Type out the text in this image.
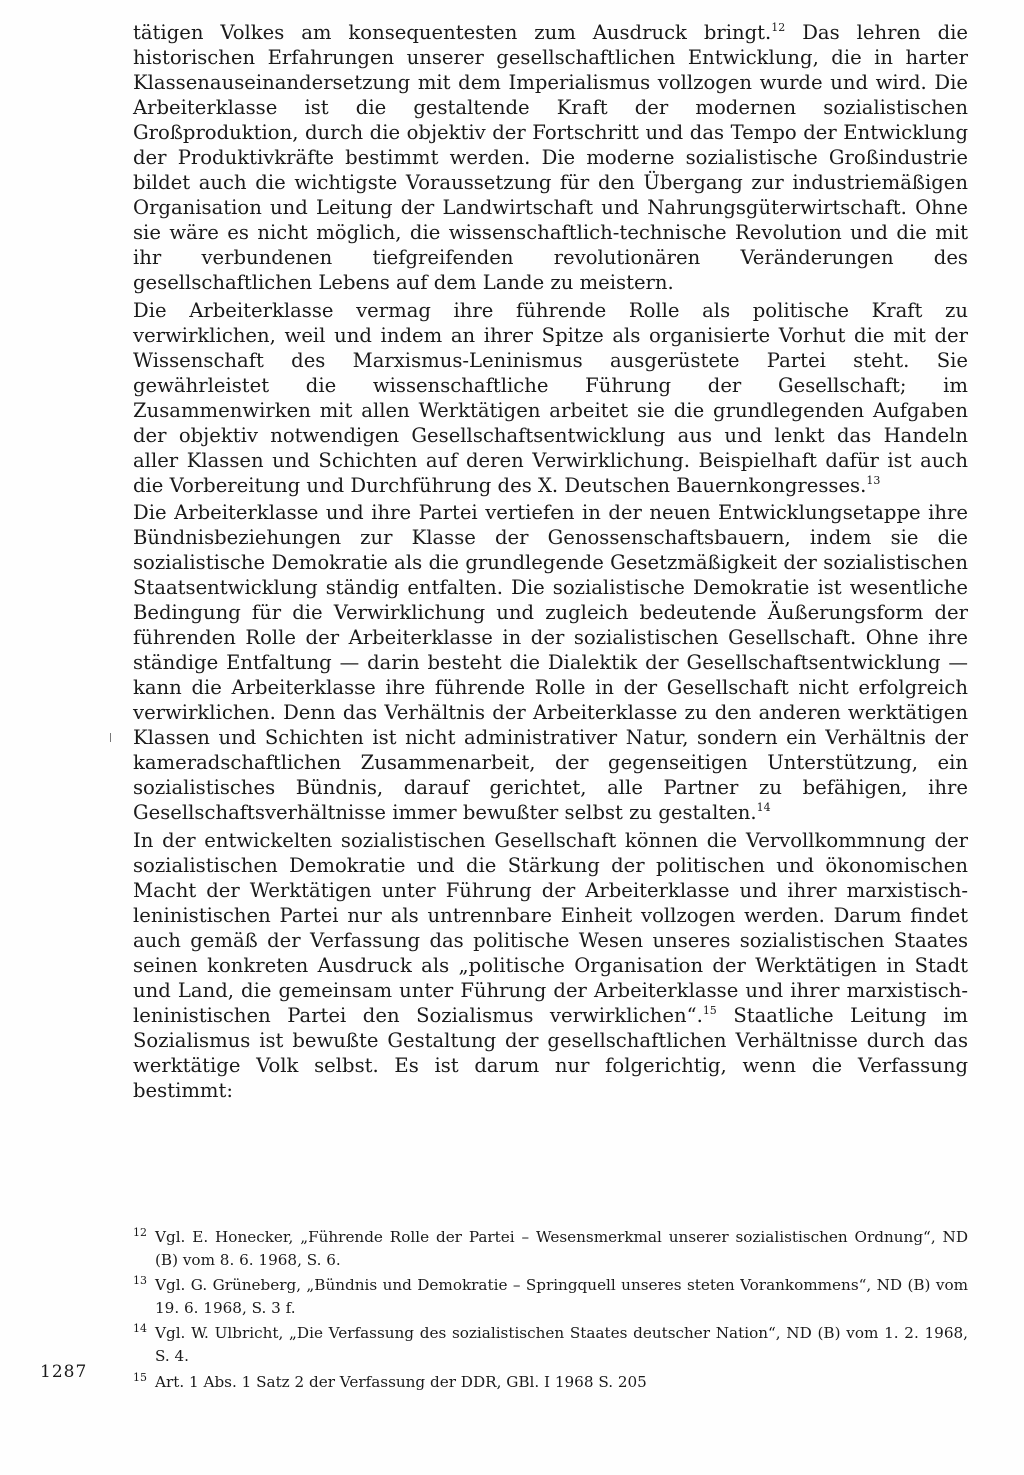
tätigen Volkes am konsequentesten zum Ausdruck bringt.$^{12}$ Das lehren die historischen Erfahrungen unserer gesellschaftlichen Entwicklung, die in harter Klassenauseinandersetzung mit dem Imperialismus vollzogen wurde und wird. Die Arbeiterklasse ist die gestaltende Kraft der modernen sozialistischen Großproduktion, durch die objektiv der Fortschritt und das Tempo der Entwicklung der Produktivkräfte bestimmt werden. Die moderne sozialistische Großindustrie bildet auch die wichtigste Voraussetzung für den Übergang zur industriemäßigen Organisation und Leitung der Landwirtschaft und Nahrungsgüterwirtschaft. Ohne sie wäre es nicht möglich, die wissenschaftlich-technische Revolution und die mit ihr verbundenen tiefgreifenden revolutionären Veränderungen des gesellschaftlichen Lebens auf dem Lande zu meistern.

Die Arbeiterklasse vermag ihre führende Rolle als politische Kraft zu verwirklichen, weil und indem an ihrer Spitze als organisierte Vorhut die mit der Wissenschaft des Marxismus-Leninismus ausgerüstete Partei steht. Sie gewährleistet die wissenschaftliche Führung der Gesellschaft; im Zusammenwirken mit allen Werktätigen arbeitet sie die grundlegenden Aufgaben der objektiv notwendigen Gesellschaftsentwicklung aus und lenkt das Handeln aller Klassen und Schichten auf deren Verwirklichung. Beispielhaft dafür ist auch die Vorbereitung und Durchführung des X. Deutschen Bauernkongresses.$^{13}$

Die Arbeiterklasse und ihre Partei vertiefen in der neuen Entwicklungsetappe ihre Bündnisbeziehungen zur Klasse der Genossenschaftsbauern, indem sie die sozialistische Demokratie als die grundlegende Gesetzmäßigkeit der sozialistischen Staatsentwicklung ständig entfalten. Die sozialistische Demokratie ist wesentliche Bedingung für die Verwirklichung und zugleich bedeutende Äußerungsform der führenden Rolle der Arbeiterklasse in der sozialistischen Gesellschaft. Ohne ihre ständige Entfaltung — darin besteht die Dialektik der Gesellschaftsentwicklung — kann die Arbeiterklasse ihre führende Rolle in der Gesellschaft nicht erfolgreich verwirklichen. Denn das Verhältnis der Arbeiterklasse zu den anderen werktätigen Klassen und Schichten ist nicht administrativer Natur, sondern ein Verhältnis der kameradschaftlichen Zusammenarbeit, der gegenseitigen Unterstützung, ein sozialistisches Bündnis, darauf gerichtet, alle Partner zu befähigen, ihre Gesellschaftsverhältnisse immer bewußter selbst zu gestalten.$^{14}$

In der entwickelten sozialistischen Gesellschaft können die Vervollkommnung der sozialistischen Demokratie und die Stärkung der politischen und ökonomischen Macht der Werktätigen unter Führung der Arbeiterklasse und ihrer marxistisch-leninistischen Partei nur als untrennbare Einheit vollzogen werden. Darum findet auch gemäß der Verfassung das politische Wesen unseres sozialistischen Staates seinen konkreten Ausdruck als „politische Organisation der Werktätigen in Stadt und Land, die gemeinsam unter Führung der Arbeiterklasse und ihrer marxistisch-leninistischen Partei den Sozialismus verwirklichen“.$^{15}$ Staatliche Leitung im Sozialismus ist bewußte Gestaltung der gesellschaftlichen Verhältnisse durch das werktätige Volk selbst. Es ist darum nur folgerichtig, wenn die Verfassung bestimmt:

12 Vgl. E. Honecker, „Führende Rolle der Partei – Wesensmerkmal unserer sozialistischen Ordnung“, ND (B) vom 8. 6. 1968, S. 6.
13 Vgl. G. Grüneberg, „Bündnis und Demokratie – Springquell unseres steten Vorankommens“, ND (B) vom 19. 6. 1968, S. 3 f.
14 Vgl. W. Ulbricht, „Die Verfassung des sozialistischen Staates deutscher Nation“, ND (B) vom 1. 2. 1968, S. 4.
15 Art. 1 Abs. 1 Satz 2 der Verfassung der DDR, GBl. I 1968 S. 205
1287
